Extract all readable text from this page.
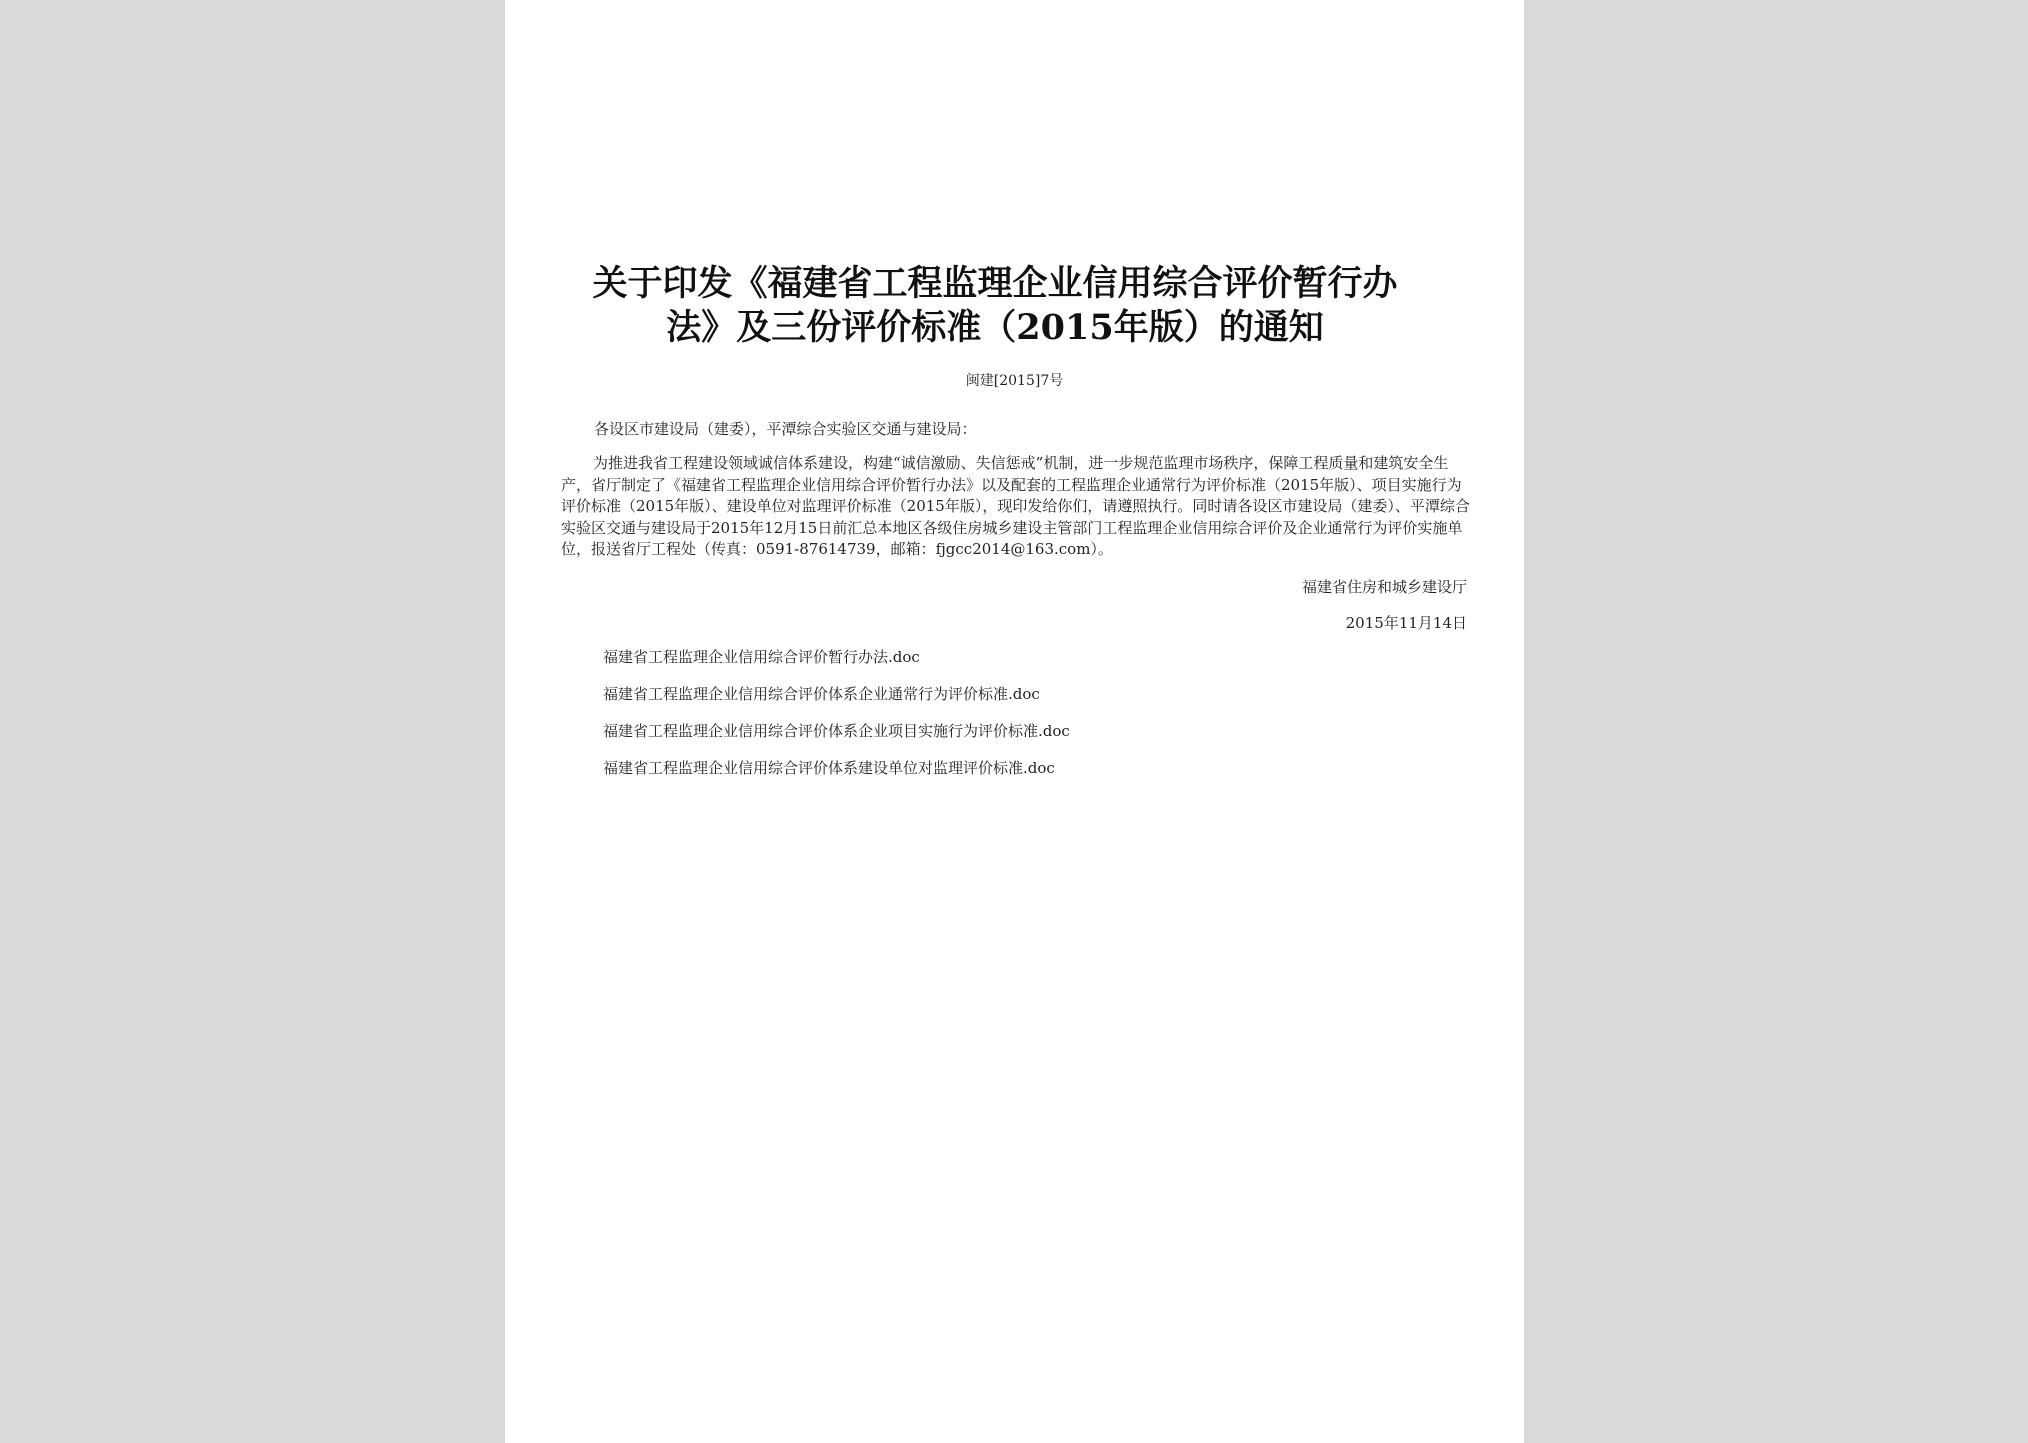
关于印发《福建省工程监理企业信用综合评价暂行办
法》及三份评价标准（2015年版）的通知
闽建[2015]7号
各设区市建设局（建委），平潭综合实验区交通与建设局：
为推进我省工程建设领域诚信体系建设，构建“诚信激励、失信惩戒”机制，进一步规范监理市场秩序，保障工程质量和建筑安全生产，省厅制定了《福建省工程监理企业信用综合评价暂行办法》以及配套的工程监理企业通常行为评价标准（2015年版）、项目实施行为评价标准（2015年版）、建设单位对监理评价标准（2015年版），现印发给你们，请遵照执行。同时请各设区市建设局（建委）、平潭综合实验区交通与建设局于2015年12月15日前汇总本地区各级住房城乡建设主管部门工程监理企业信用综合评价及企业通常行为评价实施单位，报送省厅工程处（传真：0591-87614739，邮箱：fjgcc2014@163.com）。
福建省住房和城乡建设厅
2015年11月14日
福建省工程监理企业信用综合评价暂行办法.doc
福建省工程监理企业信用综合评价体系企业通常行为评价标准.doc
福建省工程监理企业信用综合评价体系企业项目实施行为评价标准.doc
福建省工程监理企业信用综合评价体系建设单位对监理评价标准.doc
